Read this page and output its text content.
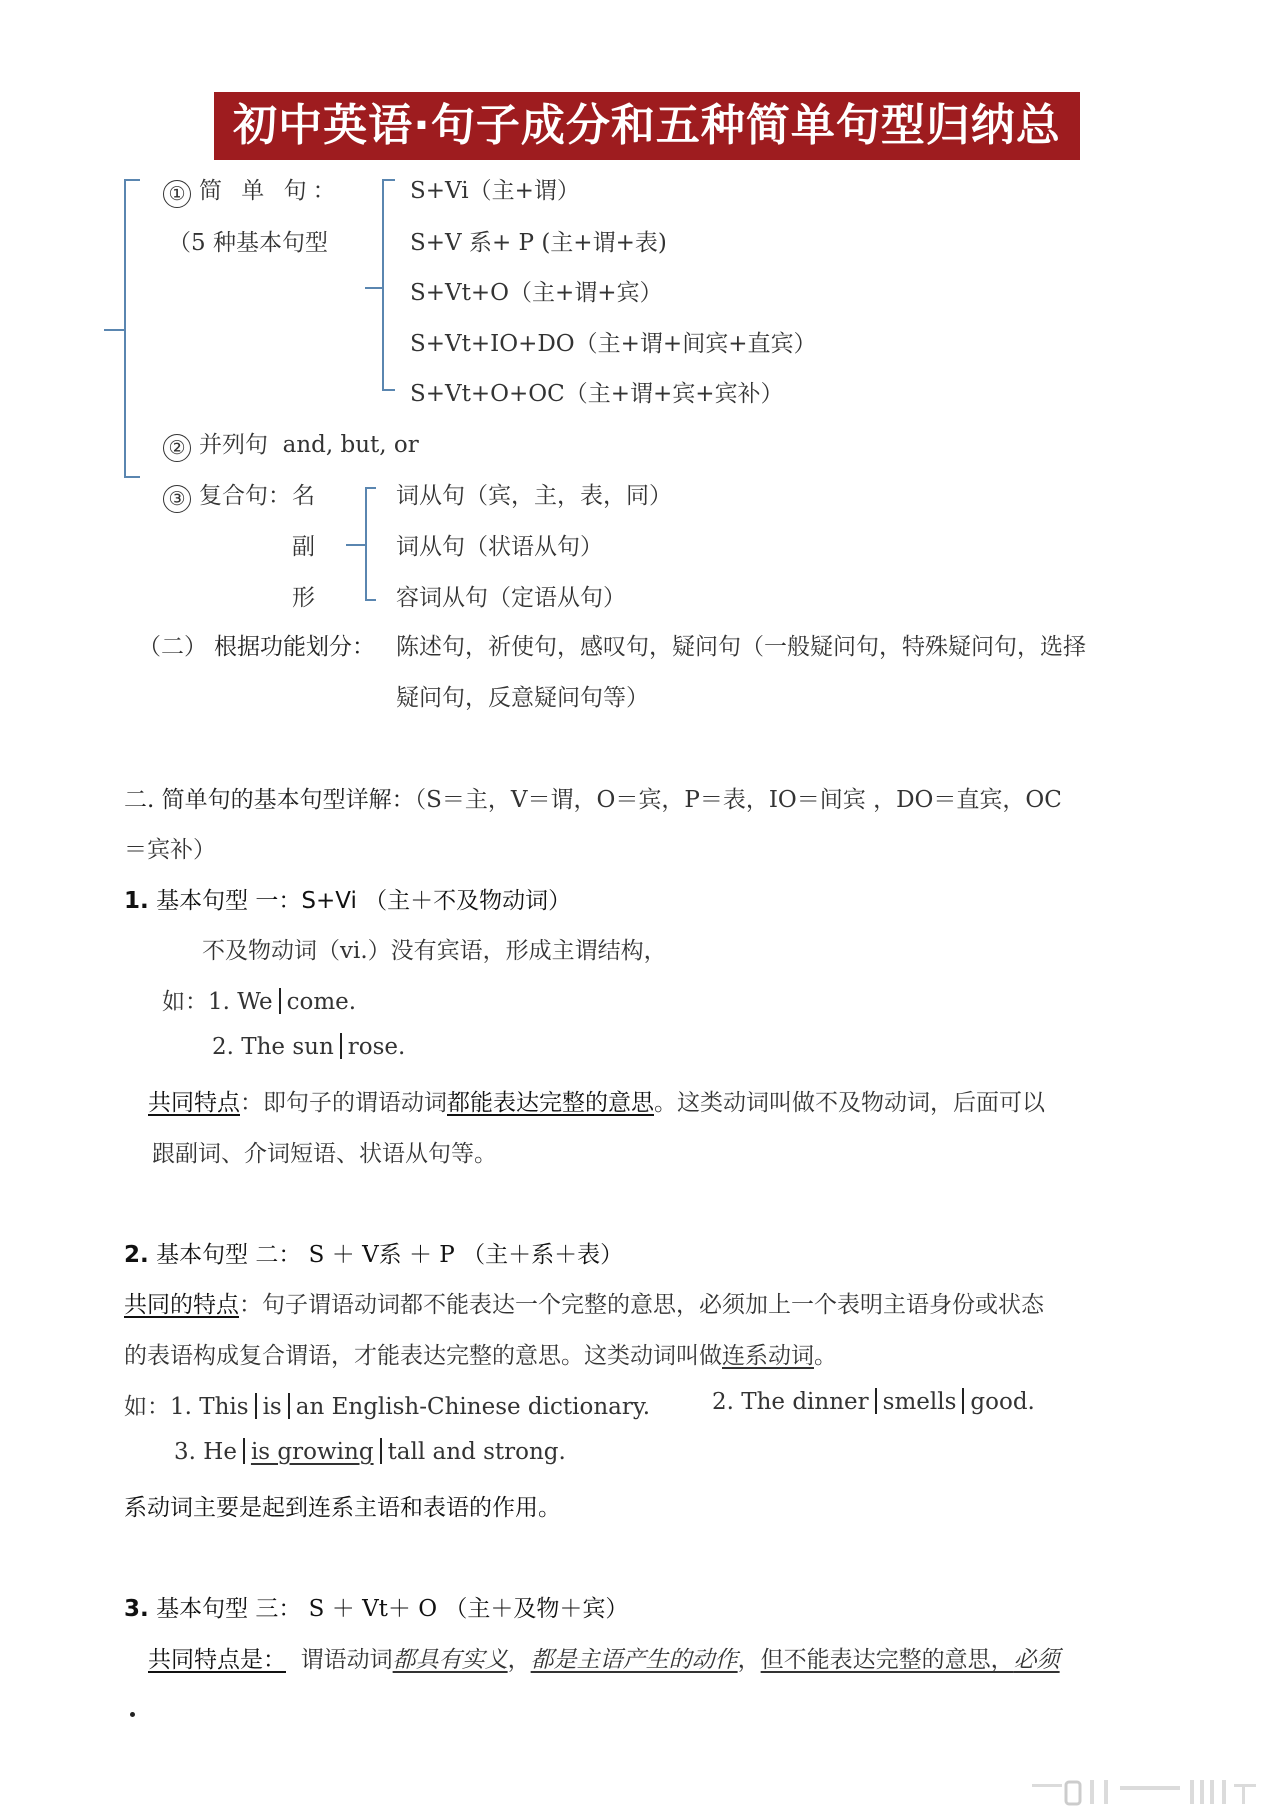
初中英语·句子成分和五种简单句型归纳总结
① 简 单 句：
（5 种基本句型
S+Vi（主+谓）
S+V 系+ P (主+谓+表)
S+Vt+O（主+谓+宾）
S+Vt+IO+DO（主+谓+间宾+直宾）
S+Vt+O+OC（主+谓+宾+宾补）
② 并列句 and, but, or
③ 复合句： 名
副
形
词从句（宾，主，表，同）
词从句（状语从句）
容词从句（定语从句）
（二） 根据功能划分： 陈述句，祈使句，感叹句，疑问句（一般疑问句，特殊疑问句，选择
疑问句，反意疑问句等）
二. 简单句的基本句型详解：（S＝主，V＝谓，O＝宾，P＝表，IO＝间宾 ，DO＝直宾，OC
＝宾补）
1. 基本句型 一：S+Vi （主＋不及物动词）
不及物动词（vi.）没有宾语，形成主谓结构，
如：1. We come.
2. The sun rose.
共同特点：即句子的谓语动词都能表达完整的意思。这类动词叫做不及物动词，后面可以
跟副词、介词短语、状语从句等。
2. 基本句型 二： S ＋ V系 ＋ P （主＋系＋表）
共同的特点：句子谓语动词都不能表达一个完整的意思，必须加上一个表明主语身份或状态
的表语构成复合谓语，才能表达完整的意思。这类动词叫做连系动词。
如：1. This is an English-Chinese dictionary.	2. The dinner smells good.
3. He is growing tall and strong.
系动词主要是起到连系主语和表语的作用。
3. 基本句型 三： S ＋ Vt＋ O （主＋及物＋宾）
共同特点是： 谓语动词都具有实义，都是主语产生的动作，但不能表达完整的意思，必须
